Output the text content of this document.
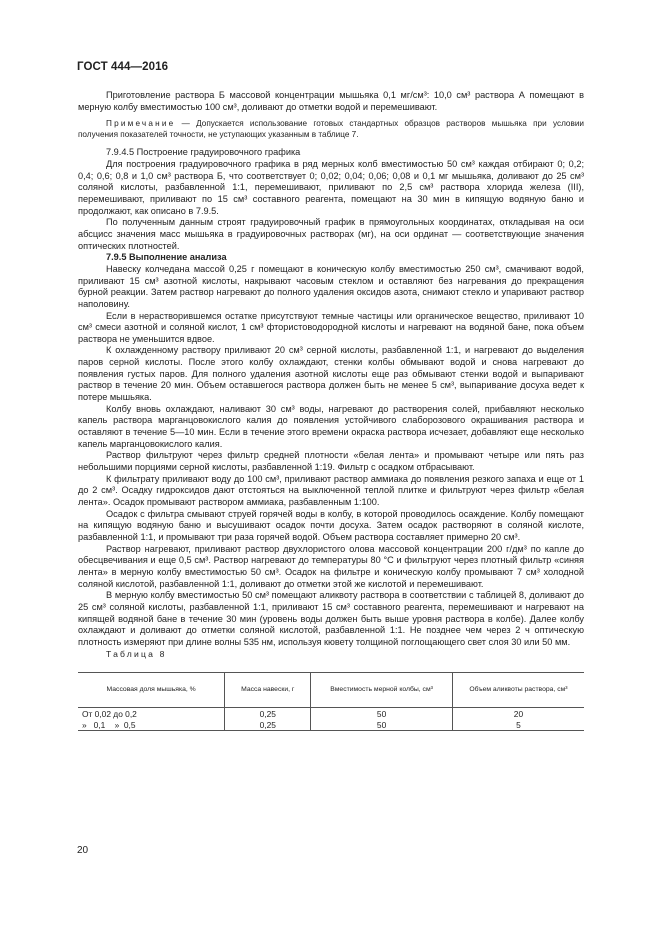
ГОСТ 444—2016

Приготовление раствора Б массовой концентрации мышьяка 0,1 мг/см³: 10,0 см³ раствора А помещают в мерную колбу вместимостью 100 см³, доливают до отметки водой и перемешивают.

Примечание — Допускается использование готовых стандартных образцов растворов мышьяка при условии получения показателей точности, не уступающих указанным в таблице 7.

7.9.4.5 Построение градуировочного графика

Для построения градуировочного графика в ряд мерных колб вместимостью 50 см³ каждая отбирают 0; 0,2; 0,4; 0,6; 0,8 и 1,0 см³ раствора Б, что соответствует 0; 0,02; 0,04; 0,06; 0,08 и 0,1 мг мышьяка, доливают до 25 см³ соляной кислоты, разбавленной 1:1, перемешивают, приливают по 2,5 см³ раствора хлорида железа (III), перемешивают, приливают по 15 см³ составного реагента, помещают на 30 мин в кипящую водяную баню и продолжают, как описано в 7.9.5.

По полученным данным строят градуировочный график в прямоугольных координатах, откладывая на оси абсцисс значения масс мышьяка в градуировочных растворах (мг), на оси ординат — соответствующие значения оптических плотностей.

7.9.5 Выполнение анализа

Навеску колчедана массой 0,25 г помещают в коническую колбу вместимостью 250 см³, смачивают водой, приливают 15 см³ азотной кислоты, накрывают часовым стеклом и оставляют без нагревания до прекращения бурной реакции. Затем раствор нагревают до полного удаления оксидов азота, снимают стекло и упаривают раствор наполовину.

Если в нерастворившемся остатке присутствуют темные частицы или органическое вещество, приливают 10 см³ смеси азотной и соляной кислот, 1 см³ фтористоводородной кислоты и нагревают на водяной бане, пока объем раствора не уменьшится вдвое.

К охлажденному раствору приливают 20 см³ серной кислоты, разбавленной 1:1, и нагревают до выделения паров серной кислоты. После этого колбу охлаждают, стенки колбы обмывают водой и снова нагревают до появления густых паров. Для полного удаления азотной кислоты еще раз обмывают стенки водой и выпаривают раствор в течение 20 мин. Объем оставшегося раствора должен быть не менее 5 см³, выпаривание досуха ведет к потере мышьяка.

Колбу вновь охлаждают, наливают 30 см³ воды, нагревают до растворения солей, прибавляют несколько капель раствора марганцовокислого калия до появления устойчивого слаборозового окрашивания раствора и оставляют в течение 5—10 мин. Если в течение этого времени окраска раствора исчезает, добавляют еще несколько капель марганцовокислого калия.

Раствор фильтруют через фильтр средней плотности «белая лента» и промывают четыре или пять раз небольшими порциями серной кислоты, разбавленной 1:19. Фильтр с осадком отбрасывают.

К фильтрату приливают воду до 100 см³, приливают раствор аммиака до появления резкого запаха и еще от 1 до 2 см³. Осадку гидроксидов дают отстояться на выключенной теплой плитке и фильтруют через фильтр «белая лента». Осадок промывают раствором аммиака, разбавленным 1:100.

Осадок с фильтра смывают струей горячей воды в колбу, в которой проводилось осаждение. Колбу помещают на кипящую водяную баню и высушивают осадок почти досуха. Затем осадок растворяют в соляной кислоте, разбавленной 1:1, и промывают три раза горячей водой. Объем раствора составляет примерно 20 см³.

Раствор нагревают, приливают раствор двухлористого олова массовой концентрации 200 г/дм³ по капле до обесцвечивания и еще 0,5 см³. Раствор нагревают до температуры 80 °С и фильтруют через плотный фильтр «синяя лента» в мерную колбу вместимостью 50 см³. Осадок на фильтре и коническую колбу промывают 7 см³ холодной соляной кислотой, разбавленной 1:1, доливают до отметки этой же кислотой и перемешивают.

В мерную колбу вместимостью 50 см³ помещают аликвоту раствора в соответствии с таблицей 8, доливают до 25 см³ соляной кислоты, разбавленной 1:1, приливают 15 см³ составного реагента, перемешивают и нагревают на кипящей водяной бане в течение 30 мин (уровень воды должен быть выше уровня раствора в колбе). Далее колбу охлаждают и доливают до отметки соляной кислотой, разбавленной 1:1. Не позднее чем через 2 ч оптическую плотность измеряют при длине волны 535 нм, используя кювету толщиной поглощающего свет слоя 30 или 50 мм.

Таблица 8

Массовая доля мышьяка, %	Масса навески, г	Вместимость мерной колбы, см³	Объем аликвоты раствора, см³
От 0,02 до 0,2	0,25	50	20
»   0,1    »  0,5	0,25	50	5
20
